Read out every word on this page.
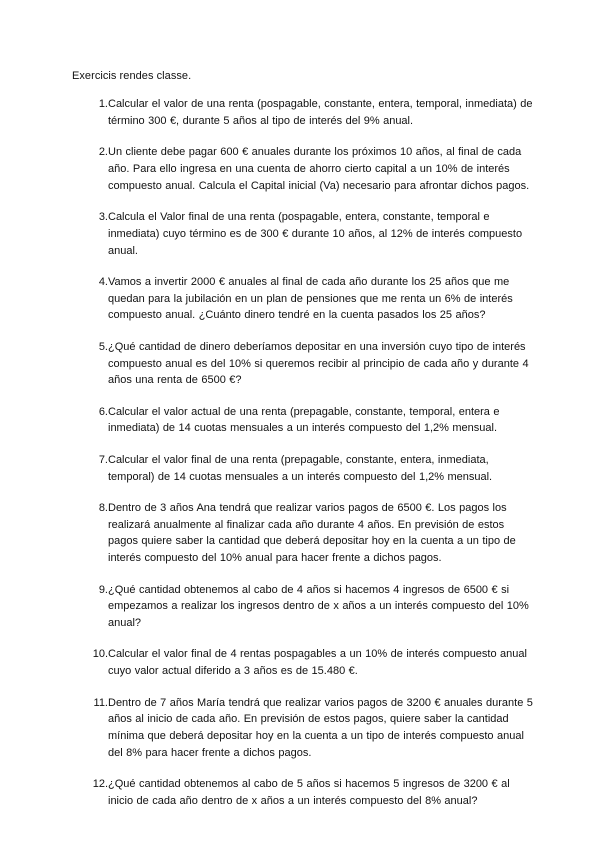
Exercicis rendes classe.
1. Calcular el valor de una renta (pospagable, constante, entera, temporal, inmediata) de término 300 €, durante 5 años al tipo de interés del 9% anual.
2. Un cliente debe pagar 600 € anuales durante los próximos 10 años, al final de cada año. Para ello ingresa en una cuenta de ahorro cierto capital a un 10% de interés compuesto anual. Calcula el Capital inicial (Va) necesario para afrontar dichos pagos.
3. Calcula el Valor final de una renta (pospagable, entera, constante, temporal e inmediata) cuyo término es de 300 € durante 10 años, al 12% de interés compuesto anual.
4. Vamos a invertir 2000 € anuales al final de cada año durante los 25 años que me quedan para la jubilación en un plan de pensiones que me renta un 6% de interés compuesto anual. ¿Cuánto dinero tendré en la cuenta pasados los 25 años?
5. ¿Qué cantidad de dinero deberíamos depositar en una inversión cuyo tipo de interés compuesto anual es del 10% si queremos recibir al principio de cada año y durante 4 años una renta de 6500 €?
6. Calcular el valor actual de una renta (prepagable, constante, temporal, entera e inmediata) de 14 cuotas mensuales a un interés compuesto del 1,2% mensual.
7. Calcular el valor final de una renta (prepagable, constante, entera, inmediata, temporal) de 14 cuotas mensuales a un interés compuesto del 1,2% mensual.
8. Dentro de 3 años Ana tendrá que realizar varios pagos de 6500 €. Los pagos los realizará anualmente al finalizar cada año durante 4 años. En previsión de estos pagos quiere saber la cantidad que deberá depositar hoy en la cuenta a un tipo de interés compuesto del 10% anual para hacer frente a dichos pagos.
9. ¿Qué cantidad obtenemos al cabo de 4 años si hacemos 4 ingresos de 6500 € si empezamos a realizar los ingresos dentro de x años a un interés compuesto del 10% anual?
10. Calcular el valor final de 4 rentas pospagables a un 10% de interés compuesto anual cuyo valor actual diferido a 3 años es de 15.480 €.
11. Dentro de 7 años María tendrá que realizar varios pagos de 3200 € anuales durante 5 años al inicio de cada año. En previsión de estos pagos, quiere saber la cantidad mínima que deberá depositar hoy en la cuenta a un tipo de interés compuesto anual del 8% para hacer frente a dichos pagos.
12. ¿Qué cantidad obtenemos al cabo de 5 años si hacemos 5 ingresos de 3200 € al inicio de cada año dentro de x años a un interés compuesto del 8% anual?
